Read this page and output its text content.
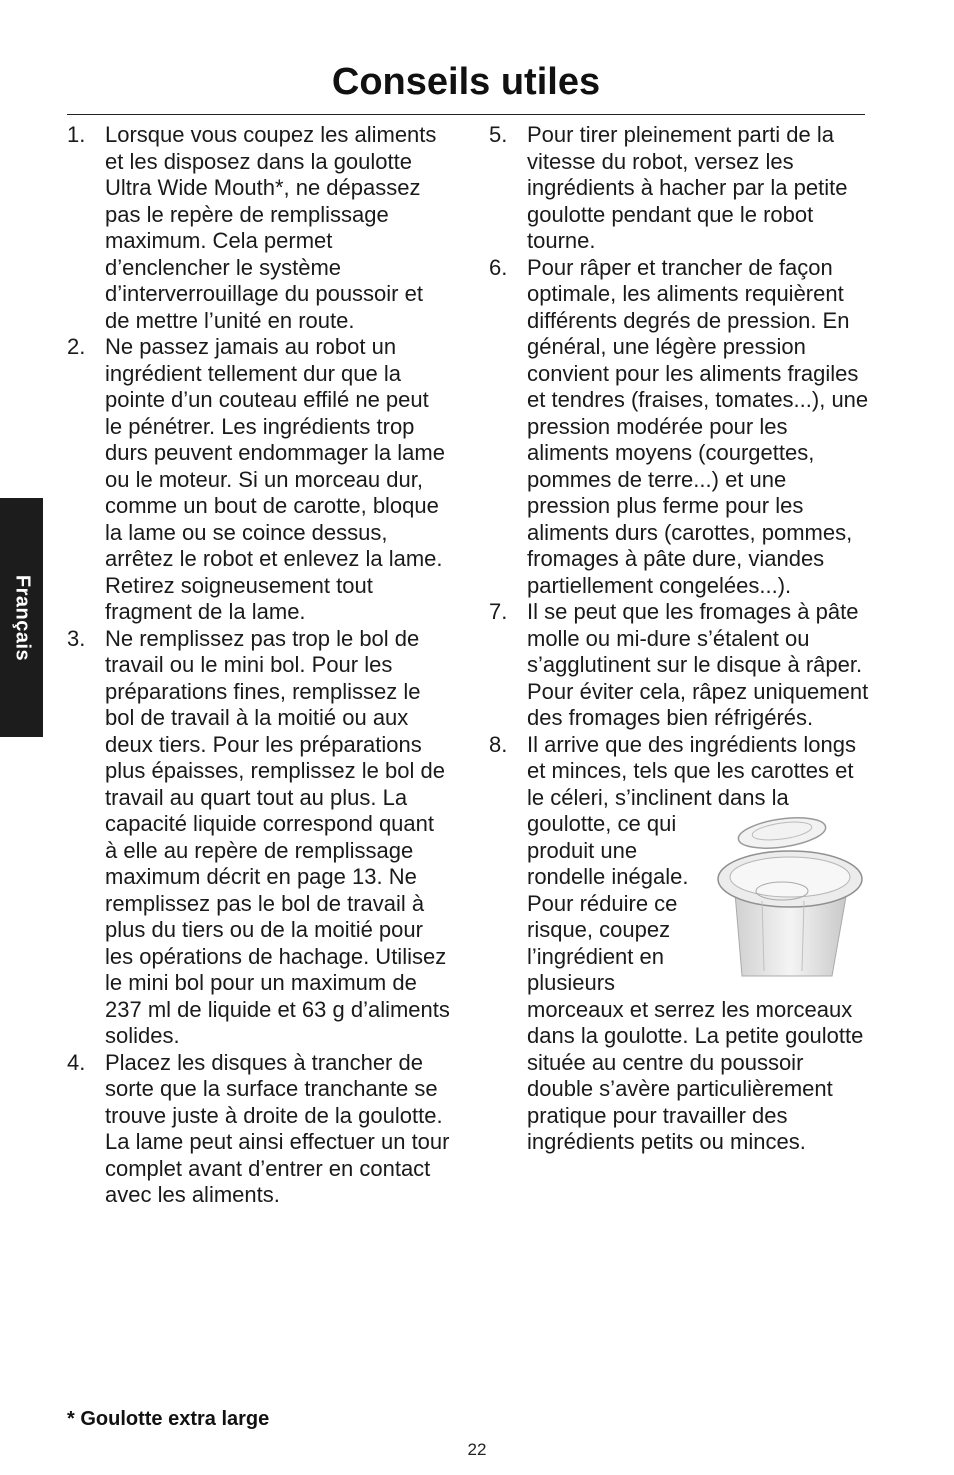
Conseils utiles
Français
1. Lorsque vous coupez les aliments et les disposez dans la goulotte Ultra Wide Mouth*, ne dépassez pas le repère de remplissage maximum. Cela permet d’enclencher le système d’interverrouillage du poussoir et de mettre l’unité en route.
2. Ne passez jamais au robot un ingrédient tellement dur que la pointe d’un couteau effilé ne peut le pénétrer. Les ingrédients trop durs peuvent endommager la lame ou le moteur. Si un morceau dur, comme un bout de carotte, bloque la lame ou se coince dessus, arrêtez le robot et enlevez la lame. Retirez soigneusement tout fragment de la lame.
3. Ne remplissez pas trop le bol de travail ou le mini bol. Pour les préparations fines, remplissez le bol de travail à la moitié ou aux deux tiers. Pour les préparations plus épaisses, remplissez le bol de travail au quart tout au plus. La capacité liquide correspond quant à elle au repère de remplissage maximum décrit en page 13. Ne remplissez pas le bol de travail à plus du tiers ou de la moitié pour les opérations de hachage. Utilisez le mini bol pour un maximum de 237 ml de liquide et 63 g d’aliments solides.
4. Placez les disques à trancher de sorte que la surface tranchante se trouve juste à droite de la goulotte. La lame peut ainsi effectuer un tour complet avant d’entrer en contact avec les aliments.
5. Pour tirer pleinement parti de la vitesse du robot, versez les ingrédients à hacher par la petite goulotte pendant que le robot tourne.
6. Pour râper et trancher de façon optimale, les aliments requièrent différents degrés de pression. En général, une légère pression convient pour les aliments fragiles et tendres (fraises, tomates...), une pression modérée pour les aliments moyens (courgettes, pommes de terre...) et une pression plus ferme pour les aliments durs (carottes, pommes, fromages à pâte dure, viandes partiellement congelées...).
7. Il se peut que les fromages à pâte molle ou mi-dure s’étalent ou s’agglutinent sur le disque à râper. Pour éviter cela, râpez uniquement des fromages bien réfrigérés.
8. Il arrive que des ingrédients longs et minces, tels que les carottes et le céleri, s’inclinent dans la
goulotte, ce qui produit une rondelle inégale. Pour réduire ce risque, coupez l’ingrédient en plusieurs
morceaux et serrez les morceaux dans la goulotte. La petite goulotte située au centre du poussoir double s’avère particulièrement pratique pour travailler des ingrédients petits ou minces.
* Goulotte extra large
22
